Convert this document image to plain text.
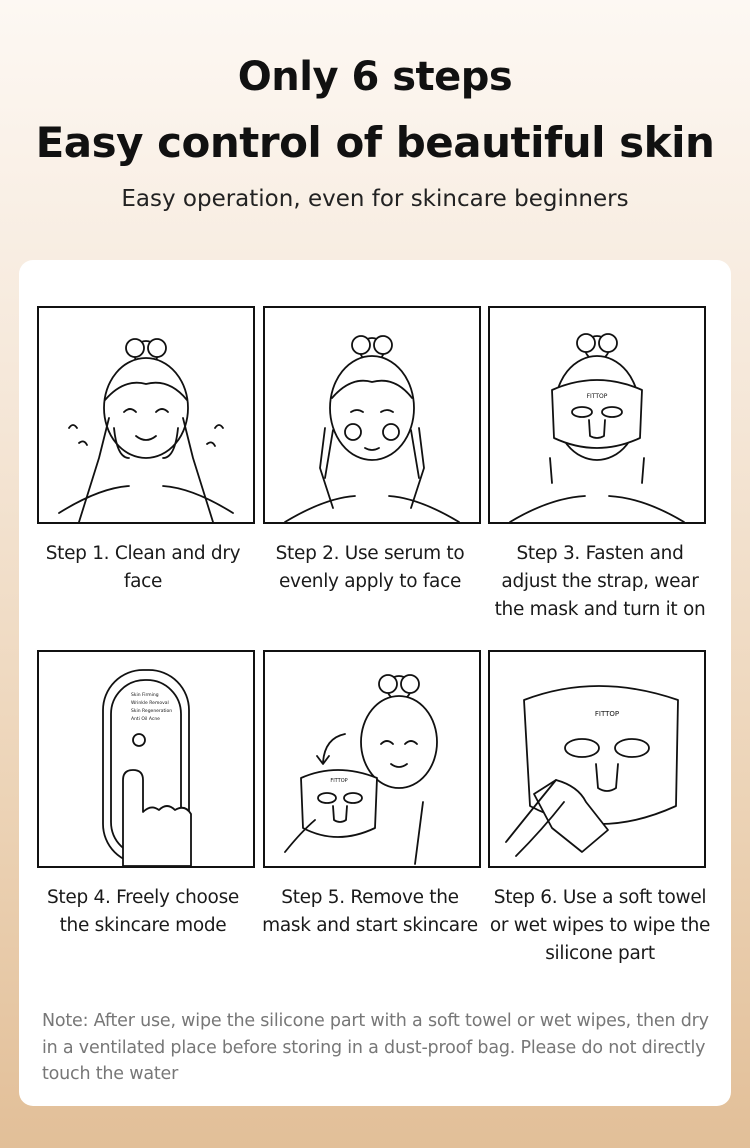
Only 6 steps
Easy control of beautiful skin
Easy operation, even for skincare beginners
Step 1. Clean and dry face
Step 2. Use serum to evenly apply to face
FITTOP
Step 3. Fasten and adjust the strap, wear the mask and turn it on
Skin Firming
Wrinkle Removal
Skin Regeneration
Anti Oil Acne
Step 4. Freely choose the skincare mode
FITTOP
Step 5. Remove the mask and start skincare
FITTOP
Step 6. Use a soft towel or wet wipes to wipe the silicone part
Note: After use, wipe the silicone part with a soft towel or wet wipes, then dry in a ventilated place before storing in a dust-proof bag. Please do not directly touch the water
